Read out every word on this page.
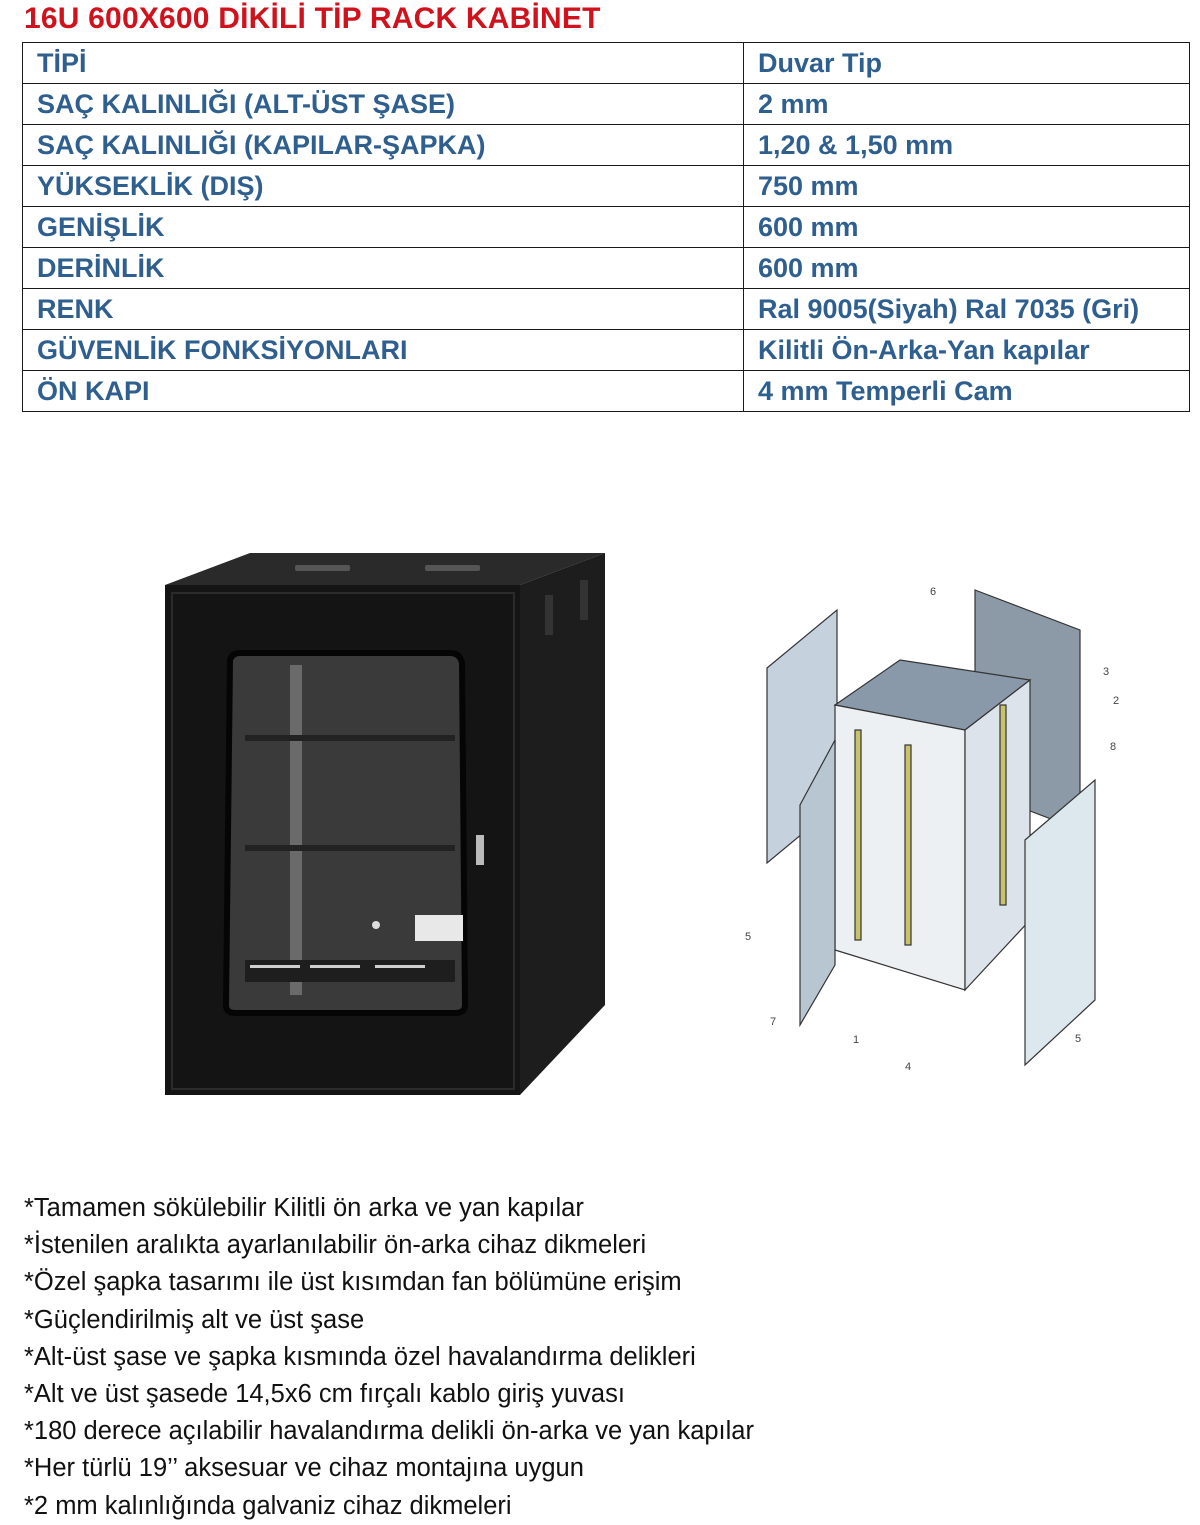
16U 600X600 DİKİLİ TİP RACK KABİNET
TİPİ	Duvar Tip
SAÇ KALINLIĞI (ALT-ÜST ŞASE)	2 mm
SAÇ KALINLIĞI (KAPILAR-ŞAPKA)	1,20 & 1,50 mm
YÜKSEKLİK (DIŞ)	750 mm
GENİŞLİK	600 mm
DERİNLİK	600 mm
RENK	Ral 9005(Siyah) Ral 7035 (Gri)
GÜVENLİK FONKSİYONLARI	Kilitli Ön-Arka-Yan kapılar
ÖN KAPI	4 mm Temperli Cam
6
3
2
8
5
7
1
4
5
*Tamamen sökülebilir Kilitli ön arka ve yan kapılar
*İstenilen aralıkta ayarlanılabilir ön-arka cihaz dikmeleri
*Özel şapka tasarımı ile üst kısımdan fan bölümüne erişim
*Güçlendirilmiş alt ve üst şase
*Alt-üst şase ve şapka kısmında özel havalandırma delikleri
*Alt ve üst şasede 14,5x6 cm fırçalı kablo giriş yuvası
*180 derece açılabilir havalandırma delikli ön-arka ve yan kapılar
*Her türlü 19’’ aksesuar ve cihaz montajına uygun
*2 mm kalınlığında galvaniz cihaz dikmeleri
